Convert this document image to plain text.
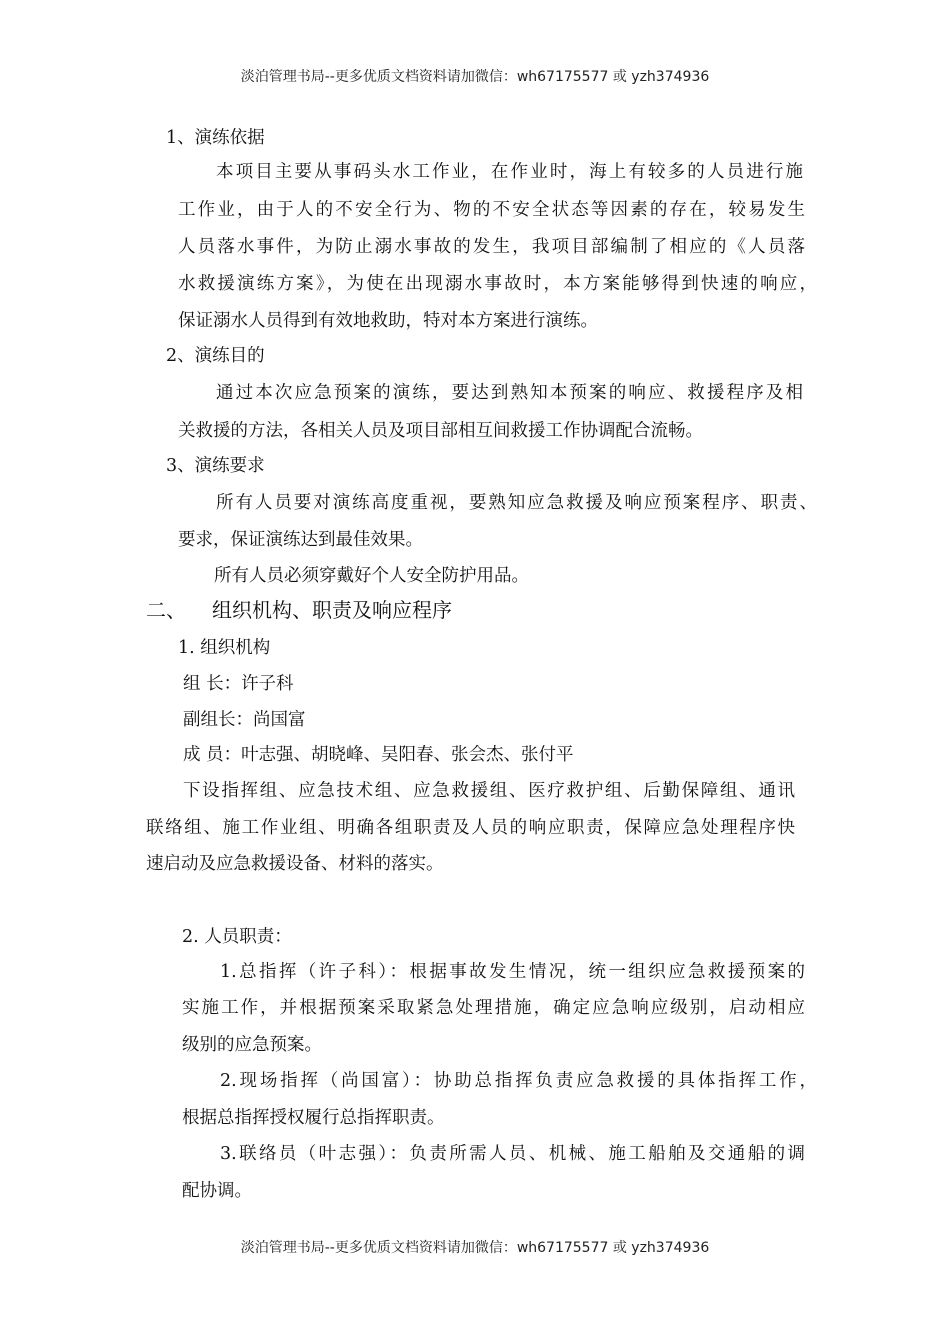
淡泊管理书局--更多优质文档资料请加微信：wh67175577 或 yzh374936
1、演练依据
本项目主要从事码头水工作业，在作业时，海上有较多的人员进行施
工作业，由于人的不安全行为、物的不安全状态等因素的存在，较易发生
人员落水事件，为防止溺水事故的发生，我项目部编制了相应的《人员落
水救援演练方案》，为使在出现溺水事故时，本方案能够得到快速的响应，
保证溺水人员得到有效地救助，特对本方案进行演练。
2、演练目的
通过本次应急预案的演练，要达到熟知本预案的响应、救援程序及相
关救援的方法，各相关人员及项目部相互间救援工作协调配合流畅。
3、演练要求
所有人员要对演练高度重视，要熟知应急救援及响应预案程序、职责、
要求，保证演练达到最佳效果。
所有人员必须穿戴好个人安全防护用品。
二、 组织机构、职责及响应程序
1. 组织机构
组 长：许子科
副组长：尚国富
成 员：叶志强、胡晓峰、吴阳春、张会杰、张付平
下设指挥组、应急技术组、应急救援组、医疗救护组、后勤保障组、通讯
联络组、施工作业组、明确各组职责及人员的响应职责，保障应急处理程序快
速启动及应急救援设备、材料的落实。
2. 人员职责：
1.总指挥（许子科）：根据事故发生情况，统一组织应急救援预案的
实施工作，并根据预案采取紧急处理措施，确定应急响应级别，启动相应
级别的应急预案。
2.现场指挥（尚国富）：协助总指挥负责应急救援的具体指挥工作，
根据总指挥授权履行总指挥职责。
3.联络员（叶志强）：负责所需人员、机械、施工船舶及交通船的调
配协调。
淡泊管理书局--更多优质文档资料请加微信：wh67175577 或 yzh374936
